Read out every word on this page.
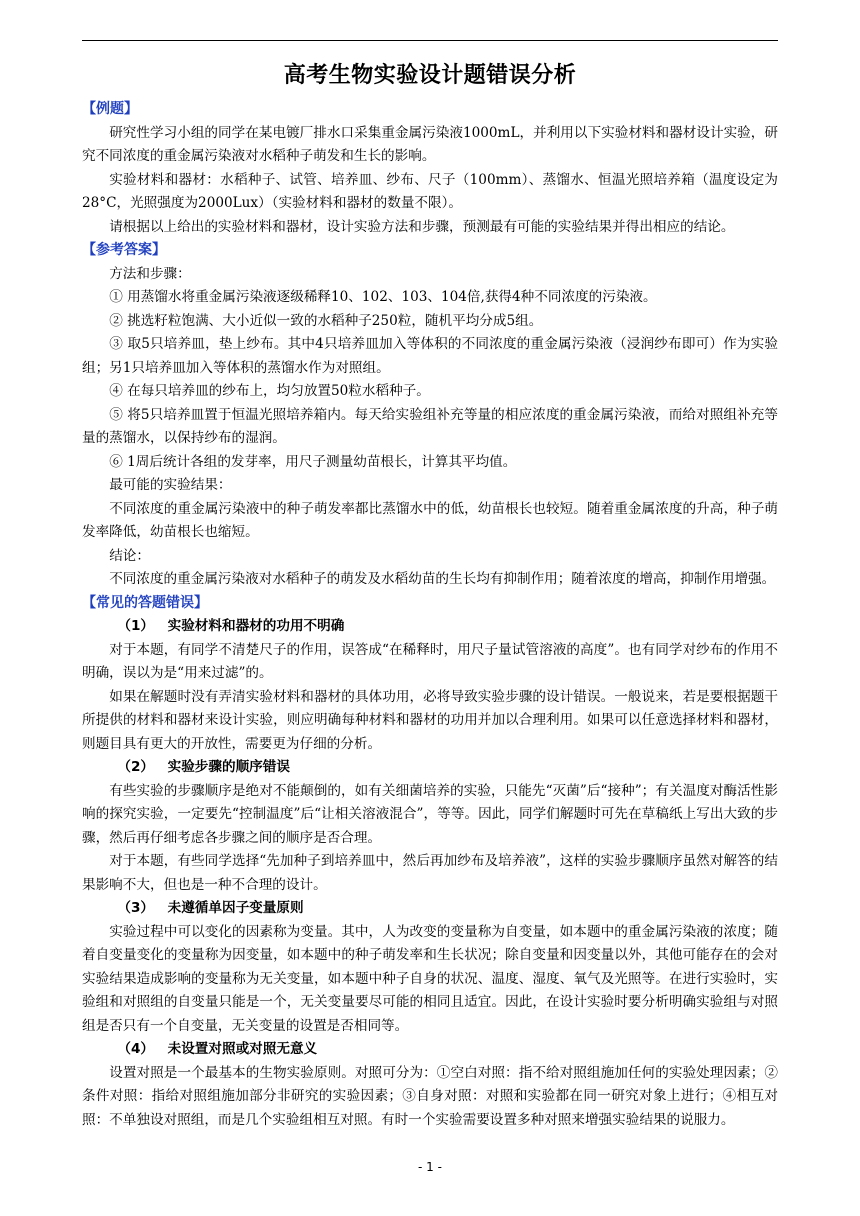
高考生物实验设计题错误分析
【例题】

研究性学习小组的同学在某电镀厂排水口采集重金属污染液1000mL，并利用以下实验材料和器材设计实验，研究不同浓度的重金属污染液对水稻种子萌发和生长的影响。

实验材料和器材：水稻种子、试管、培养皿、纱布、尺子（100mm）、蒸馏水、恒温光照培养箱（温度设定为28°C，光照强度为2000Lux）（实验材料和器材的数量不限）。

请根据以上给出的实验材料和器材，设计实验方法和步骤，预测最有可能的实验结果并得出相应的结论。

【参考答案】

方法和步骤：

① 用蒸馏水将重金属污染液逐级稀释10、102、103、104倍,获得4种不同浓度的污染液。

② 挑选籽粒饱满、大小近似一致的水稻种子250粒，随机平均分成5组。

③ 取5只培养皿，垫上纱布。其中4只培养皿加入等体积的不同浓度的重金属污染液（浸润纱布即可）作为实验组；另1只培养皿加入等体积的蒸馏水作为对照组。

④ 在每只培养皿的纱布上，均匀放置50粒水稻种子。

⑤ 将5只培养皿置于恒温光照培养箱内。每天给实验组补充等量的相应浓度的重金属污染液，而给对照组补充等量的蒸馏水，以保持纱布的湿润。

⑥ 1周后统计各组的发芽率，用尺子测量幼苗根长，计算其平均值。

最可能的实验结果：

不同浓度的重金属污染液中的种子萌发率都比蒸馏水中的低，幼苗根长也较短。随着重金属浓度的升高，种子萌发率降低，幼苗根长也缩短。

结论：

不同浓度的重金属污染液对水稻种子的萌发及水稻幼苗的生长均有抑制作用；随着浓度的增高，抑制作用增强。

【常见的答题错误】
（1） 实验材料和器材的功用不明确

对于本题，有同学不清楚尺子的作用，误答成“在稀释时，用尺子量试管溶液的高度”。也有同学对纱布的作用不明确，误以为是“用来过滤”的。

如果在解题时没有弄清实验材料和器材的具体功用，必将导致实验步骤的设计错误。一般说来，若是要根据题干所提供的材料和器材来设计实验，则应明确每种材料和器材的功用并加以合理利用。如果可以任意选择材料和器材，则题目具有更大的开放性，需要更为仔细的分析。

（2） 实验步骤的顺序错误

有些实验的步骤顺序是绝对不能颠倒的，如有关细菌培养的实验，只能先“灭菌”后“接种”；有关温度对酶活性影响的探究实验，一定要先“控制温度”后“让相关溶液混合”，等等。因此，同学们解题时可先在草稿纸上写出大致的步骤，然后再仔细考虑各步骤之间的顺序是否合理。

对于本题，有些同学选择“先加种子到培养皿中，然后再加纱布及培养液”，这样的实验步骤顺序虽然对解答的结果影响不大，但也是一种不合理的设计。

（3） 未遵循单因子变量原则

实验过程中可以变化的因素称为变量。其中，人为改变的变量称为自变量，如本题中的重金属污染液的浓度；随着自变量变化的变量称为因变量，如本题中的种子萌发率和生长状况；除自变量和因变量以外，其他可能存在的会对实验结果造成影响的变量称为无关变量，如本题中种子自身的状况、温度、湿度、氧气及光照等。在进行实验时，实验组和对照组的自变量只能是一个，无关变量要尽可能的相同且适宜。因此，在设计实验时要分析明确实验组与对照组是否只有一个自变量，无关变量的设置是否相同等。

（4） 未设置对照或对照无意义

设置对照是一个最基本的生物实验原则。对照可分为：①空白对照：指不给对照组施加任何的实验处理因素；②条件对照：指给对照组施加部分非研究的实验因素；③自身对照：对照和实验都在同一研究对象上进行；④相互对照：不单独设对照组，而是几个实验组相互对照。有时一个实验需要设置多种对照来增强实验结果的说服力。

- 1 -
